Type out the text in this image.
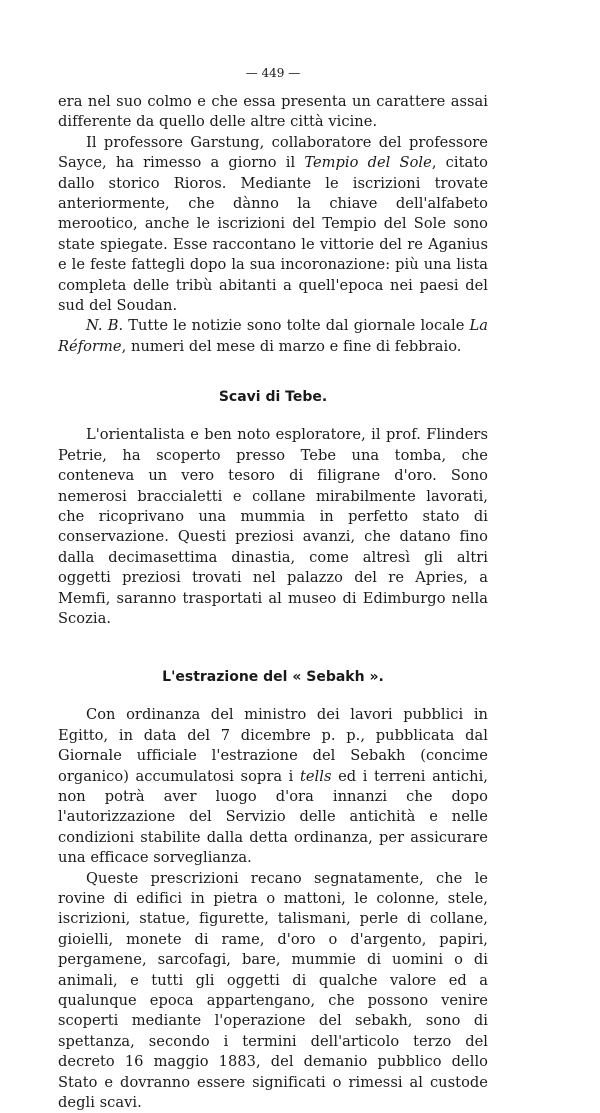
— 449 —

era nel suo colmo e che essa presenta un carattere assai differente da quello delle altre città vicine.

Il professore Garstung, collaboratore del professore Sayce, ha rimesso a giorno il Tempio del Sole, citato dallo storico Rioros. Mediante le iscrizioni trovate anteriormente, che dànno la chiave dell'alfabeto merootico, anche le iscrizioni del Tempio del Sole sono state spiegate. Esse raccontano le vittorie del re Aganius e le feste fattegli dopo la sua incoronazione: più una lista completa delle tribù abitanti a quell'epoca nei paesi del sud del Soudan.

N. B. Tutte le notizie sono tolte dal giornale locale La Réforme, numeri del mese di marzo e fine di febbraio.

Scavi di Tebe.

L'orientalista e ben noto esploratore, il prof. Flinders Petrie, ha scoperto presso Tebe una tomba, che conteneva un vero tesoro di filigrane d'oro. Sono nemerosi braccialetti e collane mirabilmente lavorati, che ricoprivano una mummia in perfetto stato di conservazione. Questi preziosi avanzi, che datano fino dalla decimasettima dinastia, come altresì gli altri oggetti preziosi trovati nel palazzo del re Apries, a Memfi, saranno trasportati al museo di Edimburgo nella Scozia.

L'estrazione del « Sebakh ».

Con ordinanza del ministro dei lavori pubblici in Egitto, in data del 7 dicembre p. p., pubblicata dal Giornale ufficiale l'estrazione del Sebakh (concime organico) accumulatosi sopra i tells ed i terreni antichi, non potrà aver luogo d'ora innanzi che dopo l'autorizzazione del Servizio delle antichità e nelle condizioni stabilite dalla detta ordinanza, per assicurare una efficace sorveglianza.

Queste prescrizioni recano segnatamente, che le rovine di edifici in pietra o mattoni, le colonne, stele, iscrizioni, statue, figurette, talismani, perle di collane, gioielli, monete di rame, d'oro o d'argento, papiri, pergamene, sarcofagi, bare, mummie di uomini o di animali, e tutti gli oggetti di qualche valore ed a qualunque epoca appartengano, che possono venire scoperti mediante l'operazione del sebakh, sono di spettanza, secondo i termini dell'articolo terzo del decreto 16 maggio 1883, del demanio pubblico dello Stato e dovranno essere significati o rimessi al custode degli scavi.
